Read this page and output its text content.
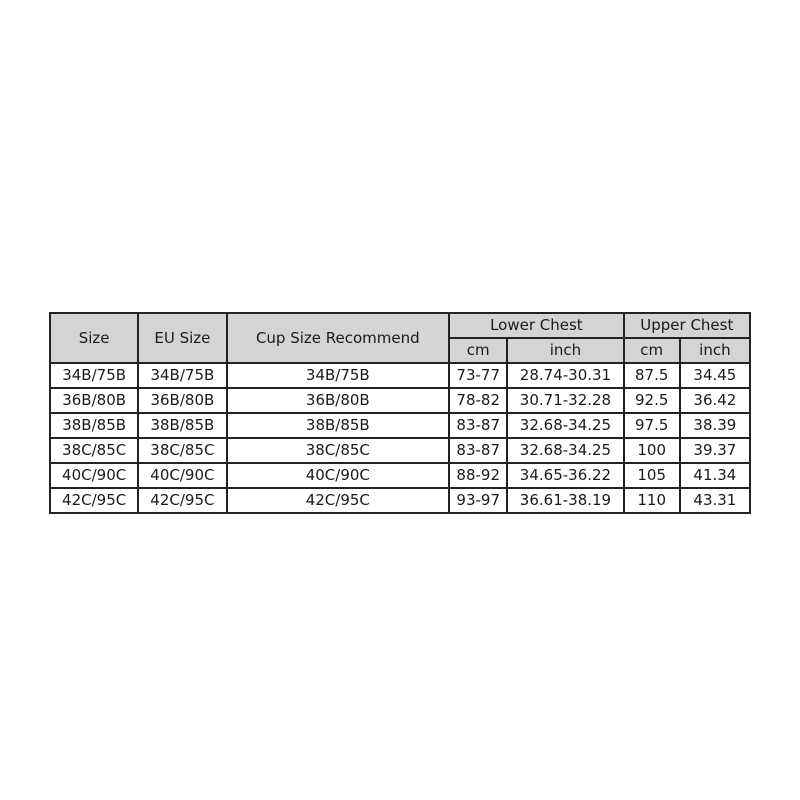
Size	EU Size	Cup Size Recommend	Lower Chest		Upper Chest	
			cm	inch	cm	inch
34B/75B	34B/75B	34B/75B	73-77	28.74-30.31	87.5	34.45
36B/80B	36B/80B	36B/80B	78-82	30.71-32.28	92.5	36.42
38B/85B	38B/85B	38B/85B	83-87	32.68-34.25	97.5	38.39
38C/85C	38C/85C	38C/85C	83-87	32.68-34.25	100	39.37
40C/90C	40C/90C	40C/90C	88-92	34.65-36.22	105	41.34
42C/95C	42C/95C	42C/95C	93-97	36.61-38.19	110	43.31
